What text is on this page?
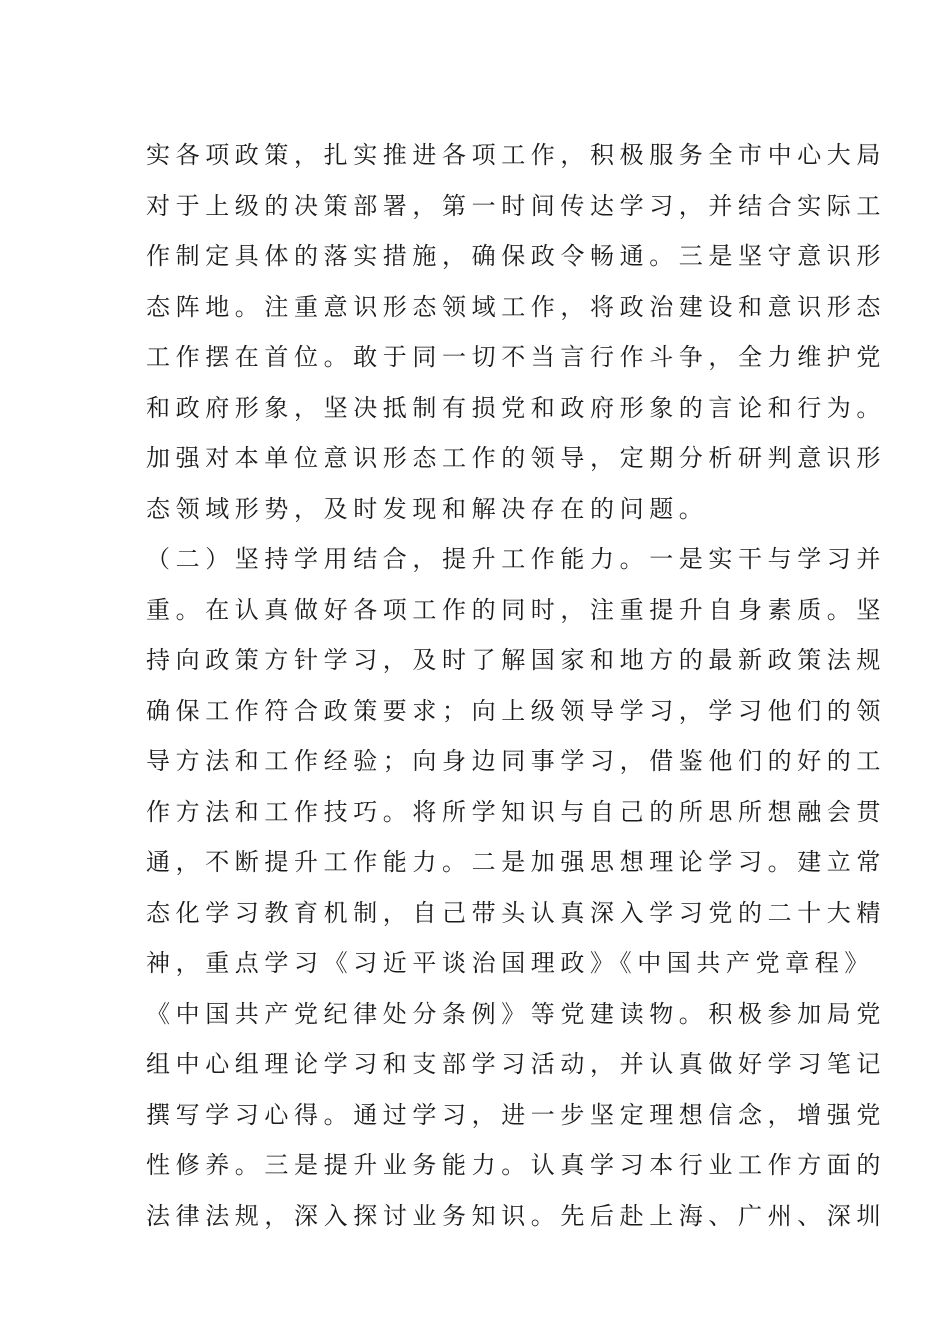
实各项政策，扎实推进各项工作，积极服务全市中心大局
对于上级的决策部署，第一时间传达学习，并结合实际工
作制定具体的落实措施，确保政令畅通。三是坚守意识形
态阵地。注重意识形态领域工作，将政治建设和意识形态
工作摆在首位。敢于同一切不当言行作斗争，全力维护党
和政府形象，坚决抵制有损党和政府形象的言论和行为。
加强对本单位意识形态工作的领导，定期分析研判意识形
态领域形势，及时发现和解决存在的问题。
（二）坚持学用结合，提升工作能力。一是实干与学习并
重。在认真做好各项工作的同时，注重提升自身素质。坚
持向政策方针学习，及时了解国家和地方的最新政策法规
确保工作符合政策要求；向上级领导学习，学习他们的领
导方法和工作经验；向身边同事学习，借鉴他们的好的工
作方法和工作技巧。将所学知识与自己的所思所想融会贯
通，不断提升工作能力。二是加强思想理论学习。建立常
态化学习教育机制，自己带头认真深入学习党的二十大精
神，重点学习《习近平谈治国理政》《中国共产党章程》
《中国共产党纪律处分条例》等党建读物。积极参加局党
组中心组理论学习和支部学习活动，并认真做好学习笔记
撰写学习心得。通过学习，进一步坚定理想信念，增强党
性修养。三是提升业务能力。认真学习本行业工作方面的
法律法规，深入探讨业务知识。先后赴上海、广州、深圳
